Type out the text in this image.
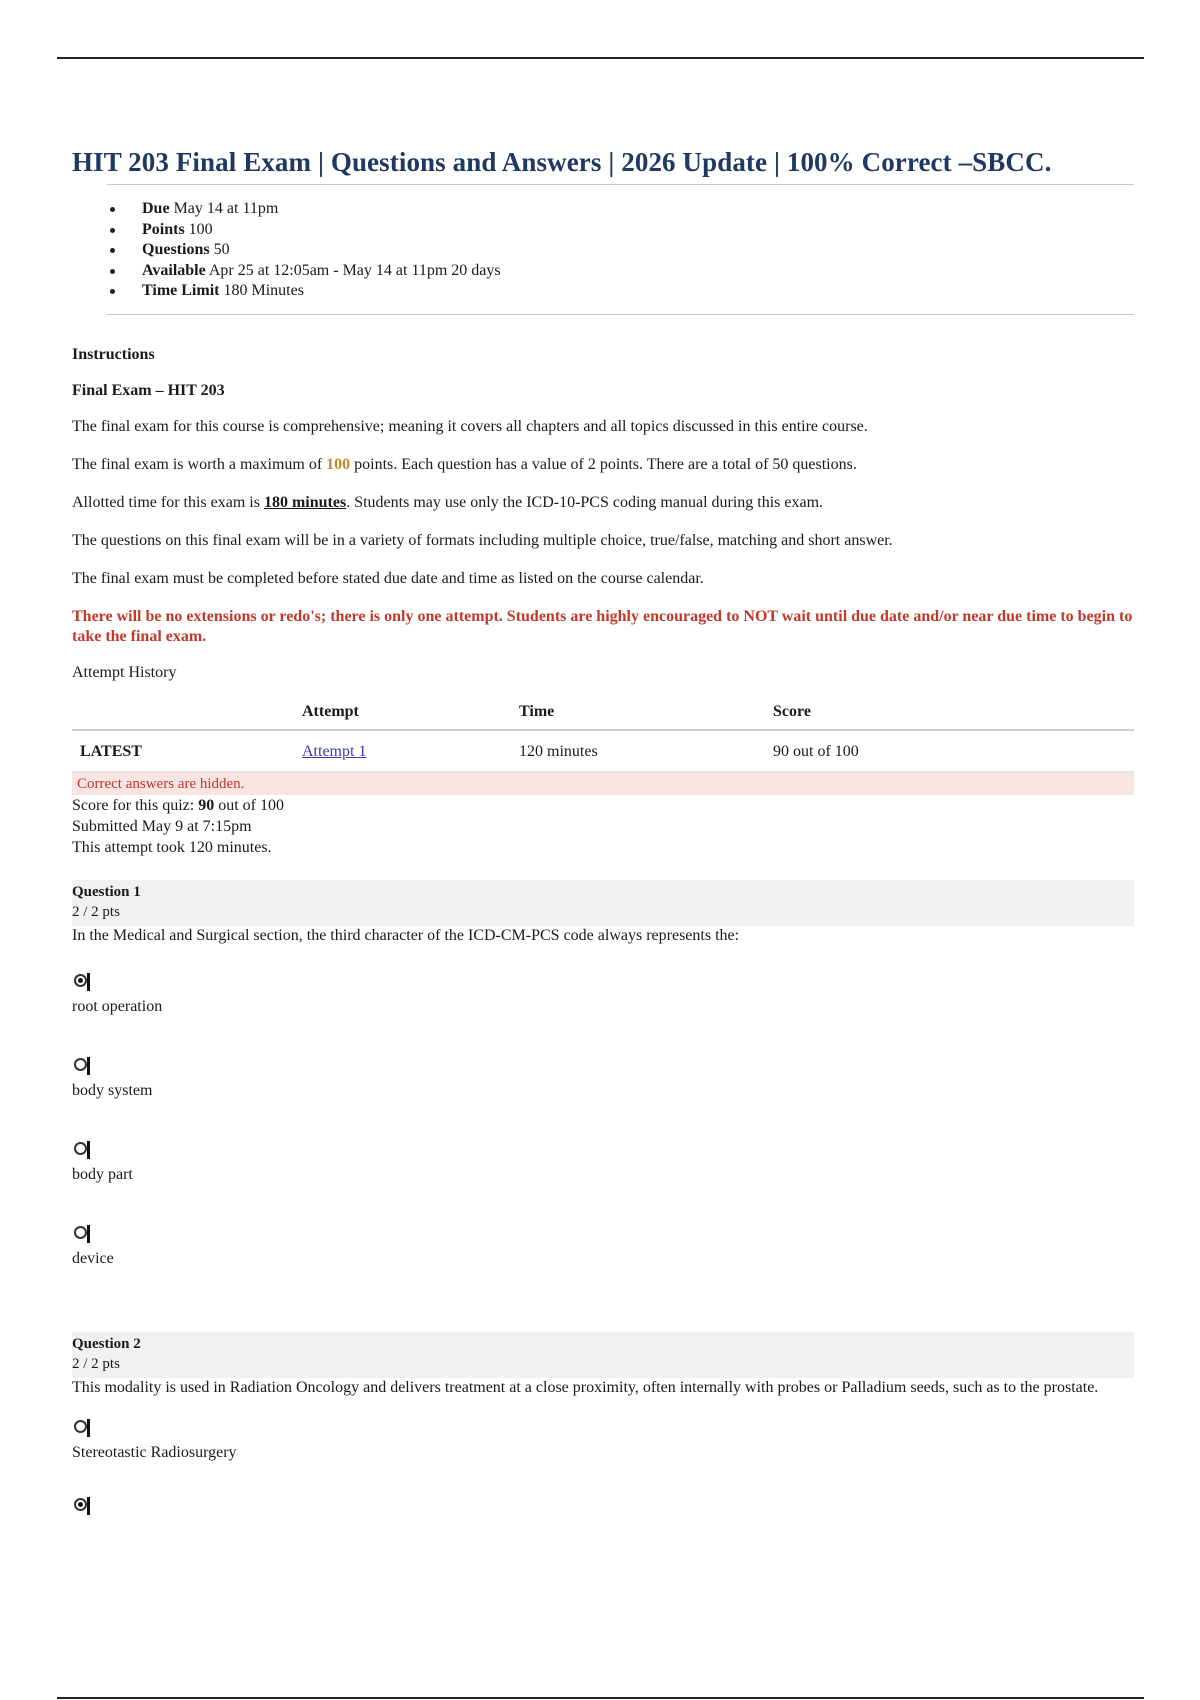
HIT 203 Final Exam | Questions and Answers | 2026 Update | 100% Correct –SBCC.
Due May 14 at 11pm
Points 100
Questions 50
Available Apr 25 at 12:05am - May 14 at 11pm 20 days
Time Limit 180 Minutes

Instructions

Final Exam – HIT 203

The final exam for this course is comprehensive; meaning it covers all chapters and all topics discussed in this entire course.

The final exam is worth a maximum of 100 points. Each question has a value of 2 points. There are a total of 50 questions.

Allotted time for this exam is 180 minutes. Students may use only the ICD-10-PCS coding manual during this exam.

The questions on this final exam will be in a variety of formats including multiple choice, true/false, matching and short answer.

The final exam must be completed before stated due date and time as listed on the course calendar.

There will be no extensions or redo's; there is only one attempt. Students are highly encouraged to NOT wait until due date and/or near due time to begin to take the final exam.

Attempt History

	Attempt	Time	Score
LATEST	Attempt 1	120 minutes	90 out of 100
Correct answers are hidden.

Score for this quiz: 90 out of 100

Submitted May 9 at 7:15pm

This attempt took 120 minutes.

Question 1
2 / 2 pts
In the Medical and Surgical section, the third character of the ICD-CM-PCS code always represents the:
root operation
body system
body part
device
Question 2
2 / 2 pts
This modality is used in Radiation Oncology and delivers treatment at a close proximity, often internally with probes or Palladium seeds, such as to the prostate.
Stereotastic Radiosurgery
